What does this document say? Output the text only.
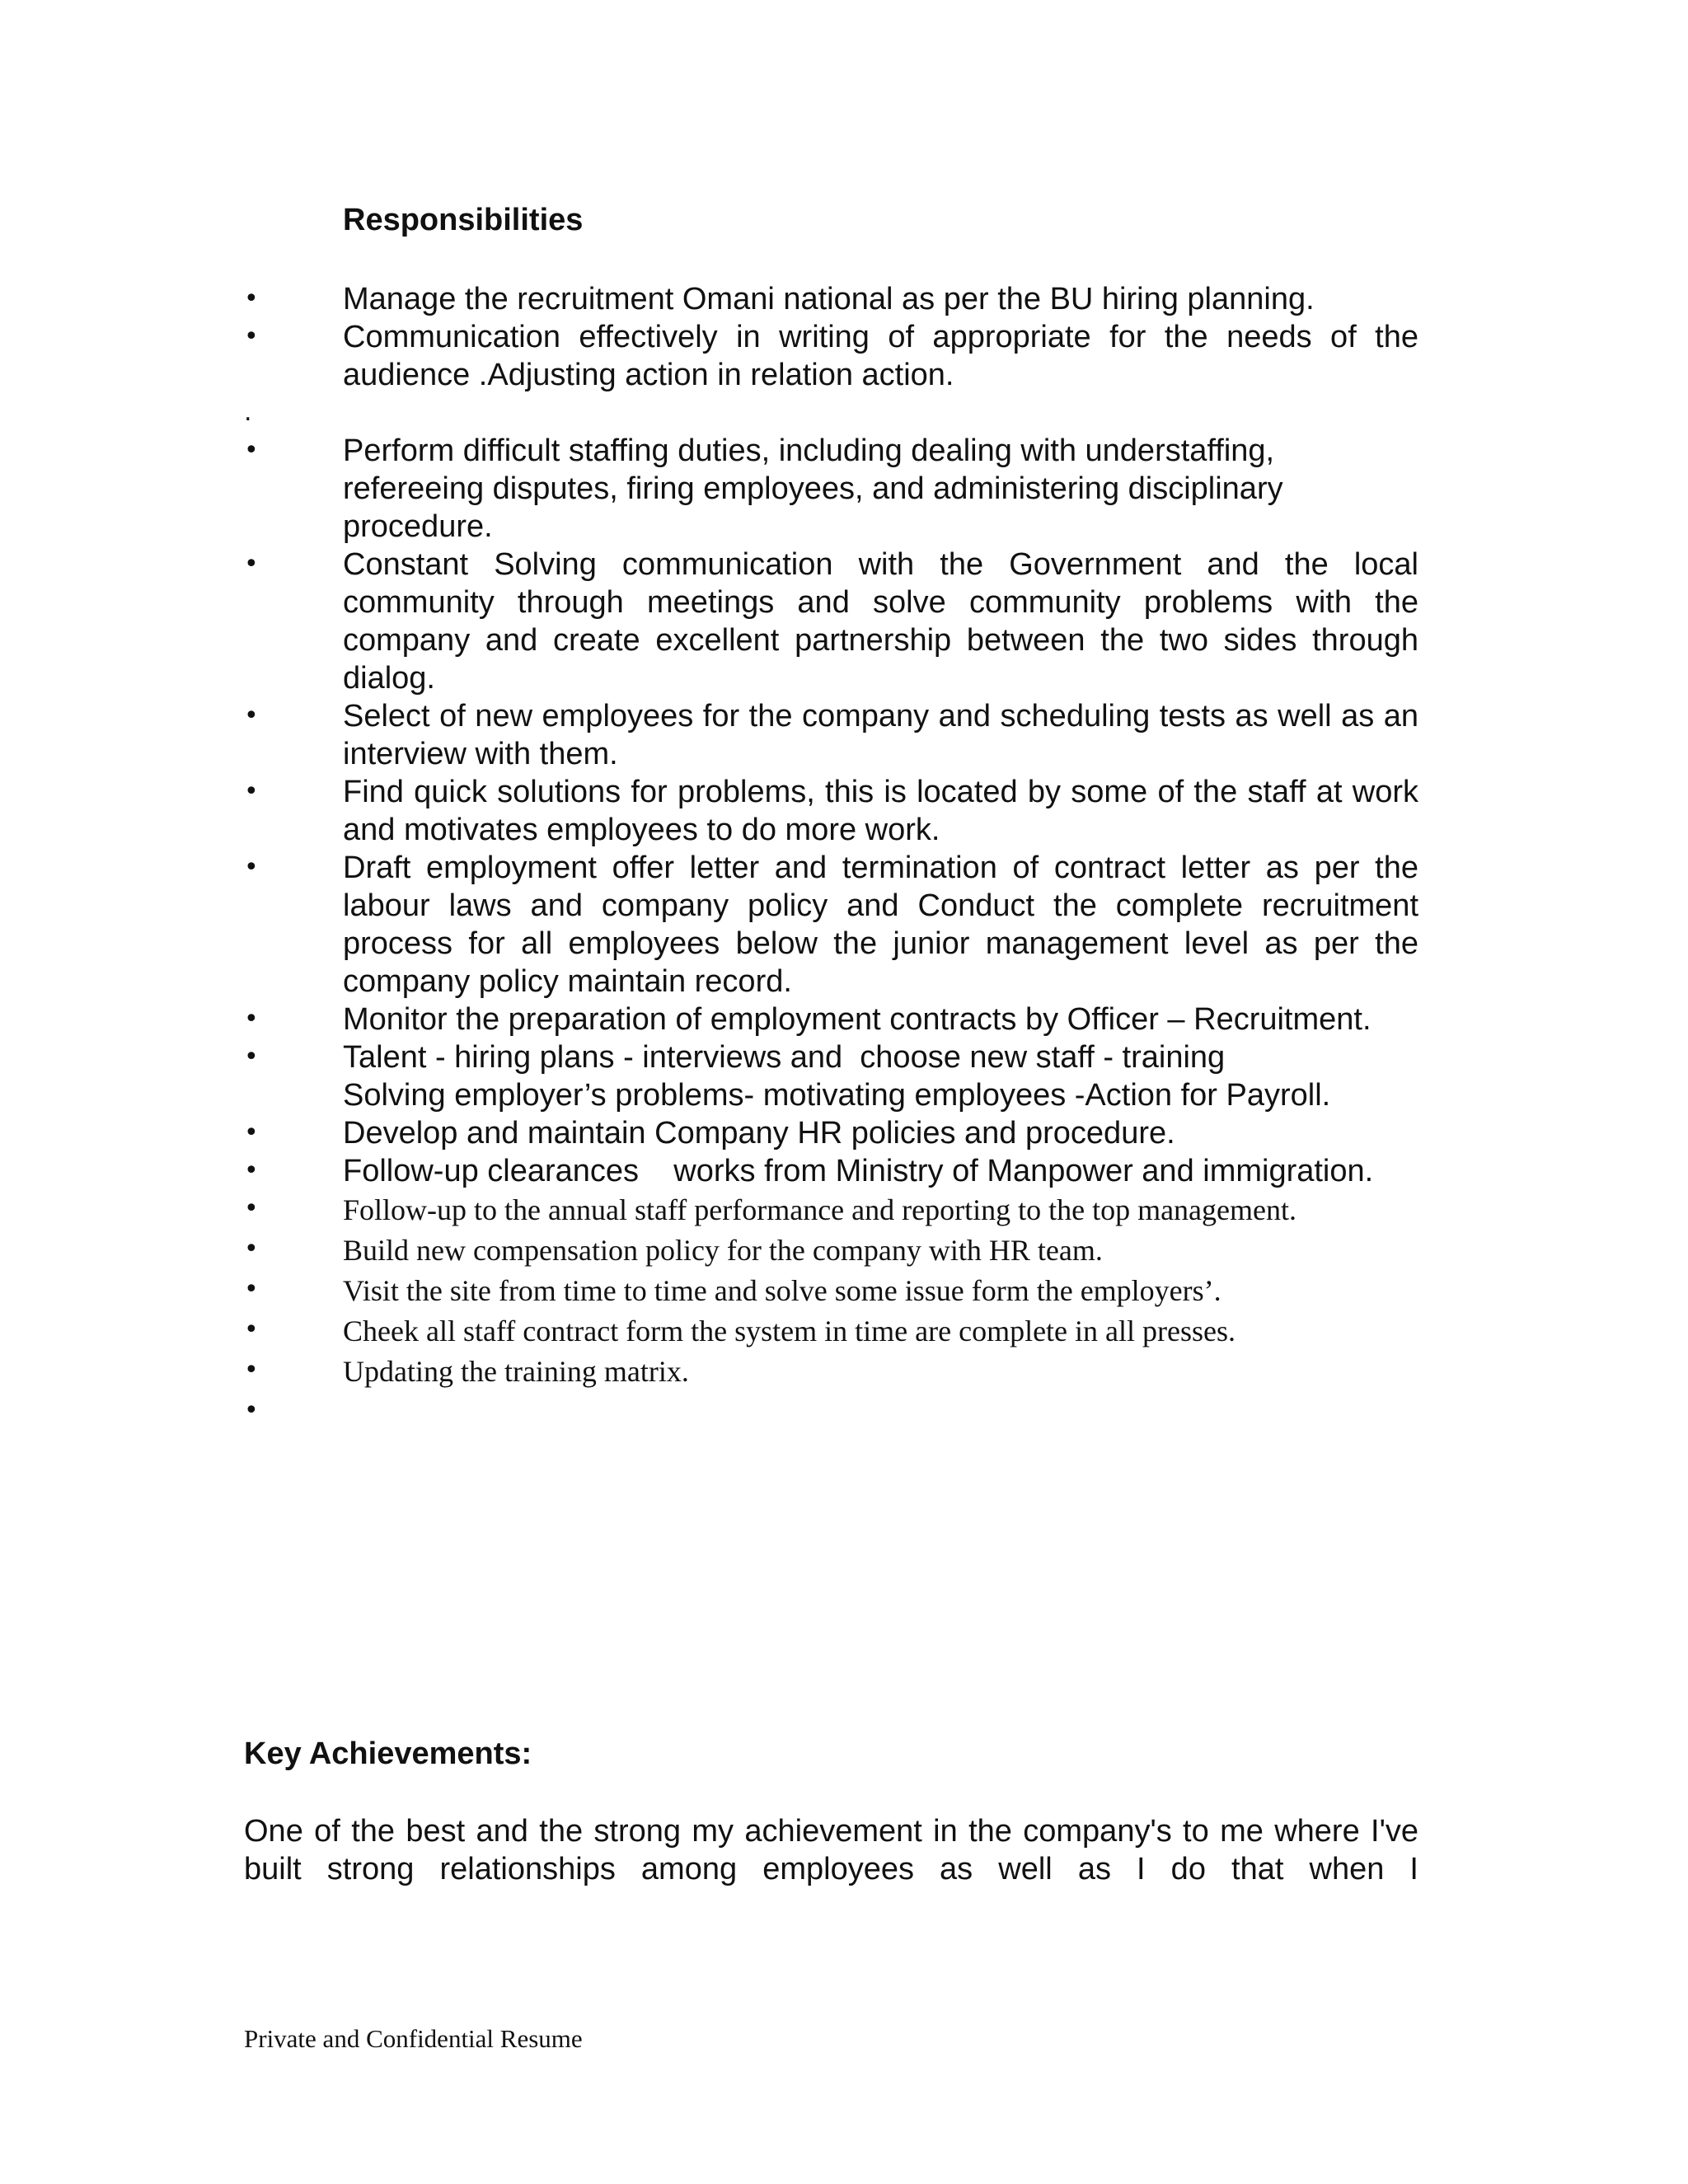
Responsibilities
•	Manage the recruitment Omani national as per the BU hiring planning.
•	Communication effectively in writing of appropriate for the needs of the audience .Adjusting action in relation action.
.
•	Perform difficult staffing duties, including dealing with understaffing, refereeing disputes, firing employees, and administering disciplinary procedure.
•	Constant Solving communication with the Government and the local community through meetings and solve community problems with the company and create excellent partnership between the two sides through dialog.
•	Select of new employees for the company and scheduling tests as well as an interview with them.
•	Find quick solutions for problems, this is located by some of the staff at work and motivates employees to do more work.
•	Draft employment offer letter and termination of contract letter as per the labour laws and company policy and Conduct the complete recruitment process for all employees below the junior management level as per the company policy maintain record.
•	Monitor the preparation of employment contracts by Officer – Recruitment.
•	Talent - hiring plans - interviews and  choose new staff - training
Solving employer’s problems- motivating employees -Action for Payroll.
•	Develop and maintain Company HR policies and procedure.
•	Follow-up clearances    works from Ministry of Manpower and immigration.
•	Follow-up to the annual staff performance and reporting to the top management.
•	Build new compensation policy for the company with HR team.
•	Visit the site from time to time and solve some issue form the employers’.
•	Cheek all staff contract form the system in time are complete in all presses.
•	Updating the training matrix.
•
Key Achievements:
One of the best and the strong my achievement in the company's to me where I've built strong relationships among employees as well as I do that when I
Private and Confidential Resume
